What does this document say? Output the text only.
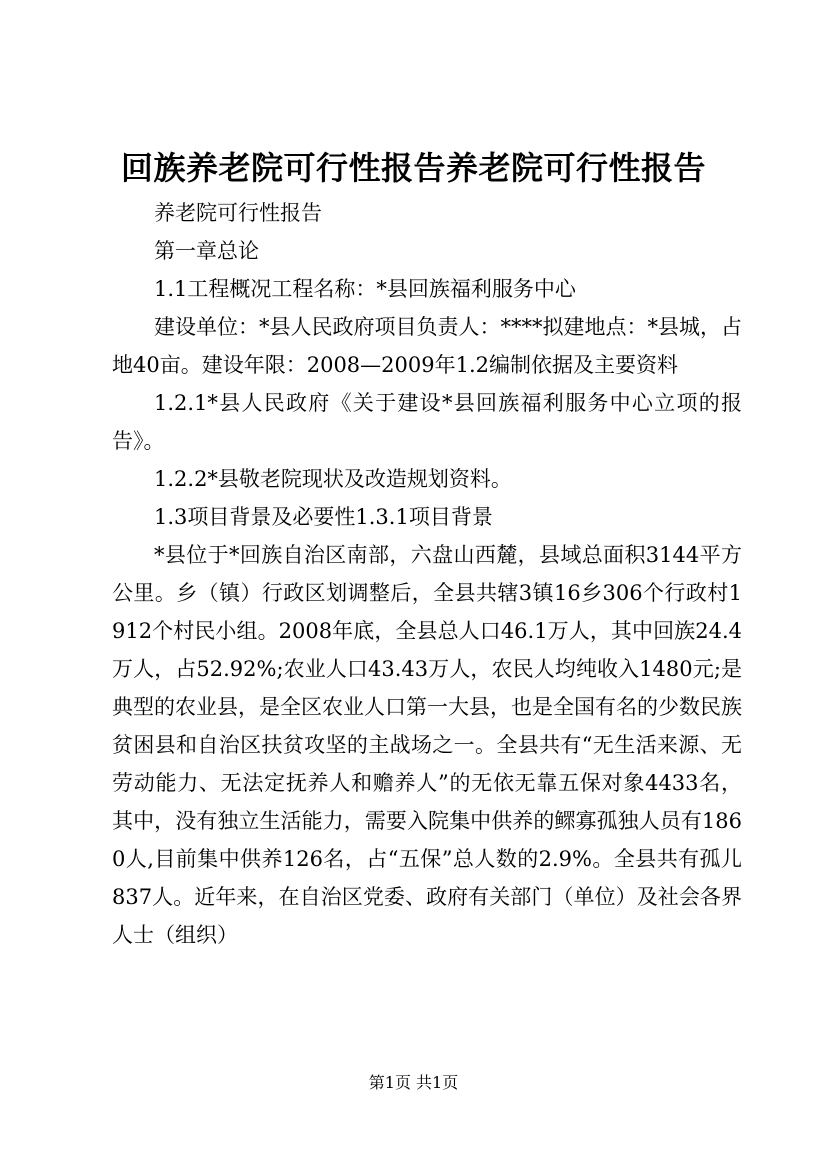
回族养老院可行性报告养老院可行性报告

养老院可行性报告

第一章总论

1.1工程概况工程名称：*县回族福利服务中心

建设单位：*县人民政府项目负责人：****拟建地点：*县城，占地40亩。建设年限：2008—2009年1.2编制依据及主要资料

1.2.1*县人民政府《关于建设*县回族福利服务中心立项的报告》。

1.2.2*县敬老院现状及改造规划资料。

1.3项目背景及必要性1.3.1项目背景

*县位于*回族自治区南部，六盘山西麓，县域总面积3144平方公里。乡（镇）行政区划调整后，全县共辖3镇16乡306个行政村1912个村民小组。2008年底，全县总人口46.1万人，其中回族24.4万人，占52.92%;农业人口43.43万人，农民人均纯收入1480元;是典型的农业县，是全区农业人口第一大县，也是全国有名的少数民族贫困县和自治区扶贫攻坚的主战场之一。全县共有“无生活来源、无劳动能力、无法定抚养人和赡养人”的无依无靠五保对象4433名，其中，没有独立生活能力，需要入院集中供养的鳏寡孤独人员有1860人,目前集中供养126名，占“五保”总人数的2.9%。全县共有孤儿837人。近年来，在自治区党委、政府有关部门（单位）及社会各界人士（组织）

第1页 共1页
